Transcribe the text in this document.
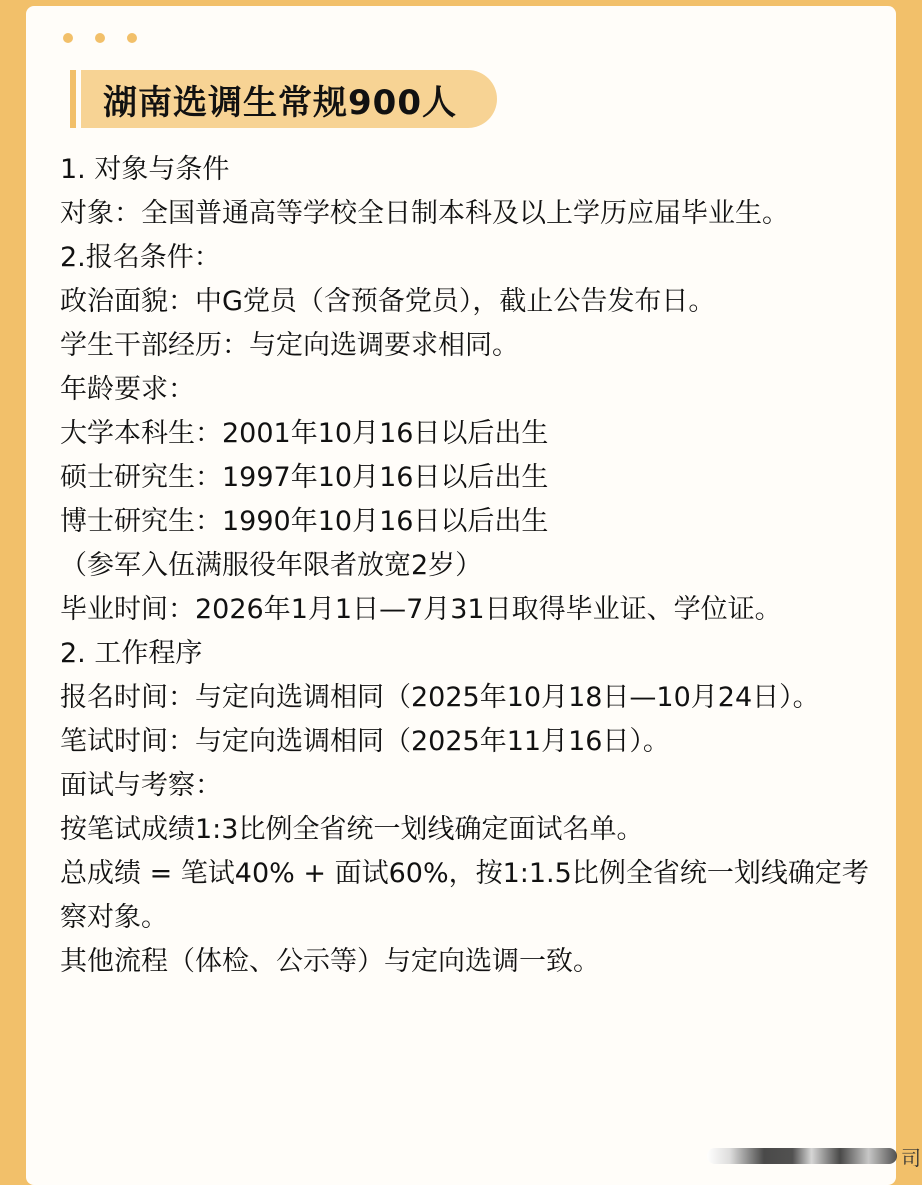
湖南选调生常规900人
1. 对象与条件
对象：全国普通高等学校全日制本科及以上学历应届毕业生。
2.报名条件：
政治面貌：中G党员（含预备党员），截止公告发布日。
学生干部经历：与定向选调要求相同。
年龄要求：
大学本科生：2001年10月16日以后出生
硕士研究生：1997年10月16日以后出生
博士研究生：1990年10月16日以后出生
（参军入伍满服役年限者放宽2岁）
毕业时间：2026年1月1日—7月31日取得毕业证、学位证。
2. 工作程序
报名时间：与定向选调相同（2025年10月18日—10月24日）。
笔试时间：与定向选调相同（2025年11月16日）。
面试与考察：
按笔试成绩1:3比例全省统一划线确定面试名单。
总成绩 = 笔试40% + 面试60%，按1:1.5比例全省统一划线确定考察对象。
其他流程（体检、公示等）与定向选调一致。
司
